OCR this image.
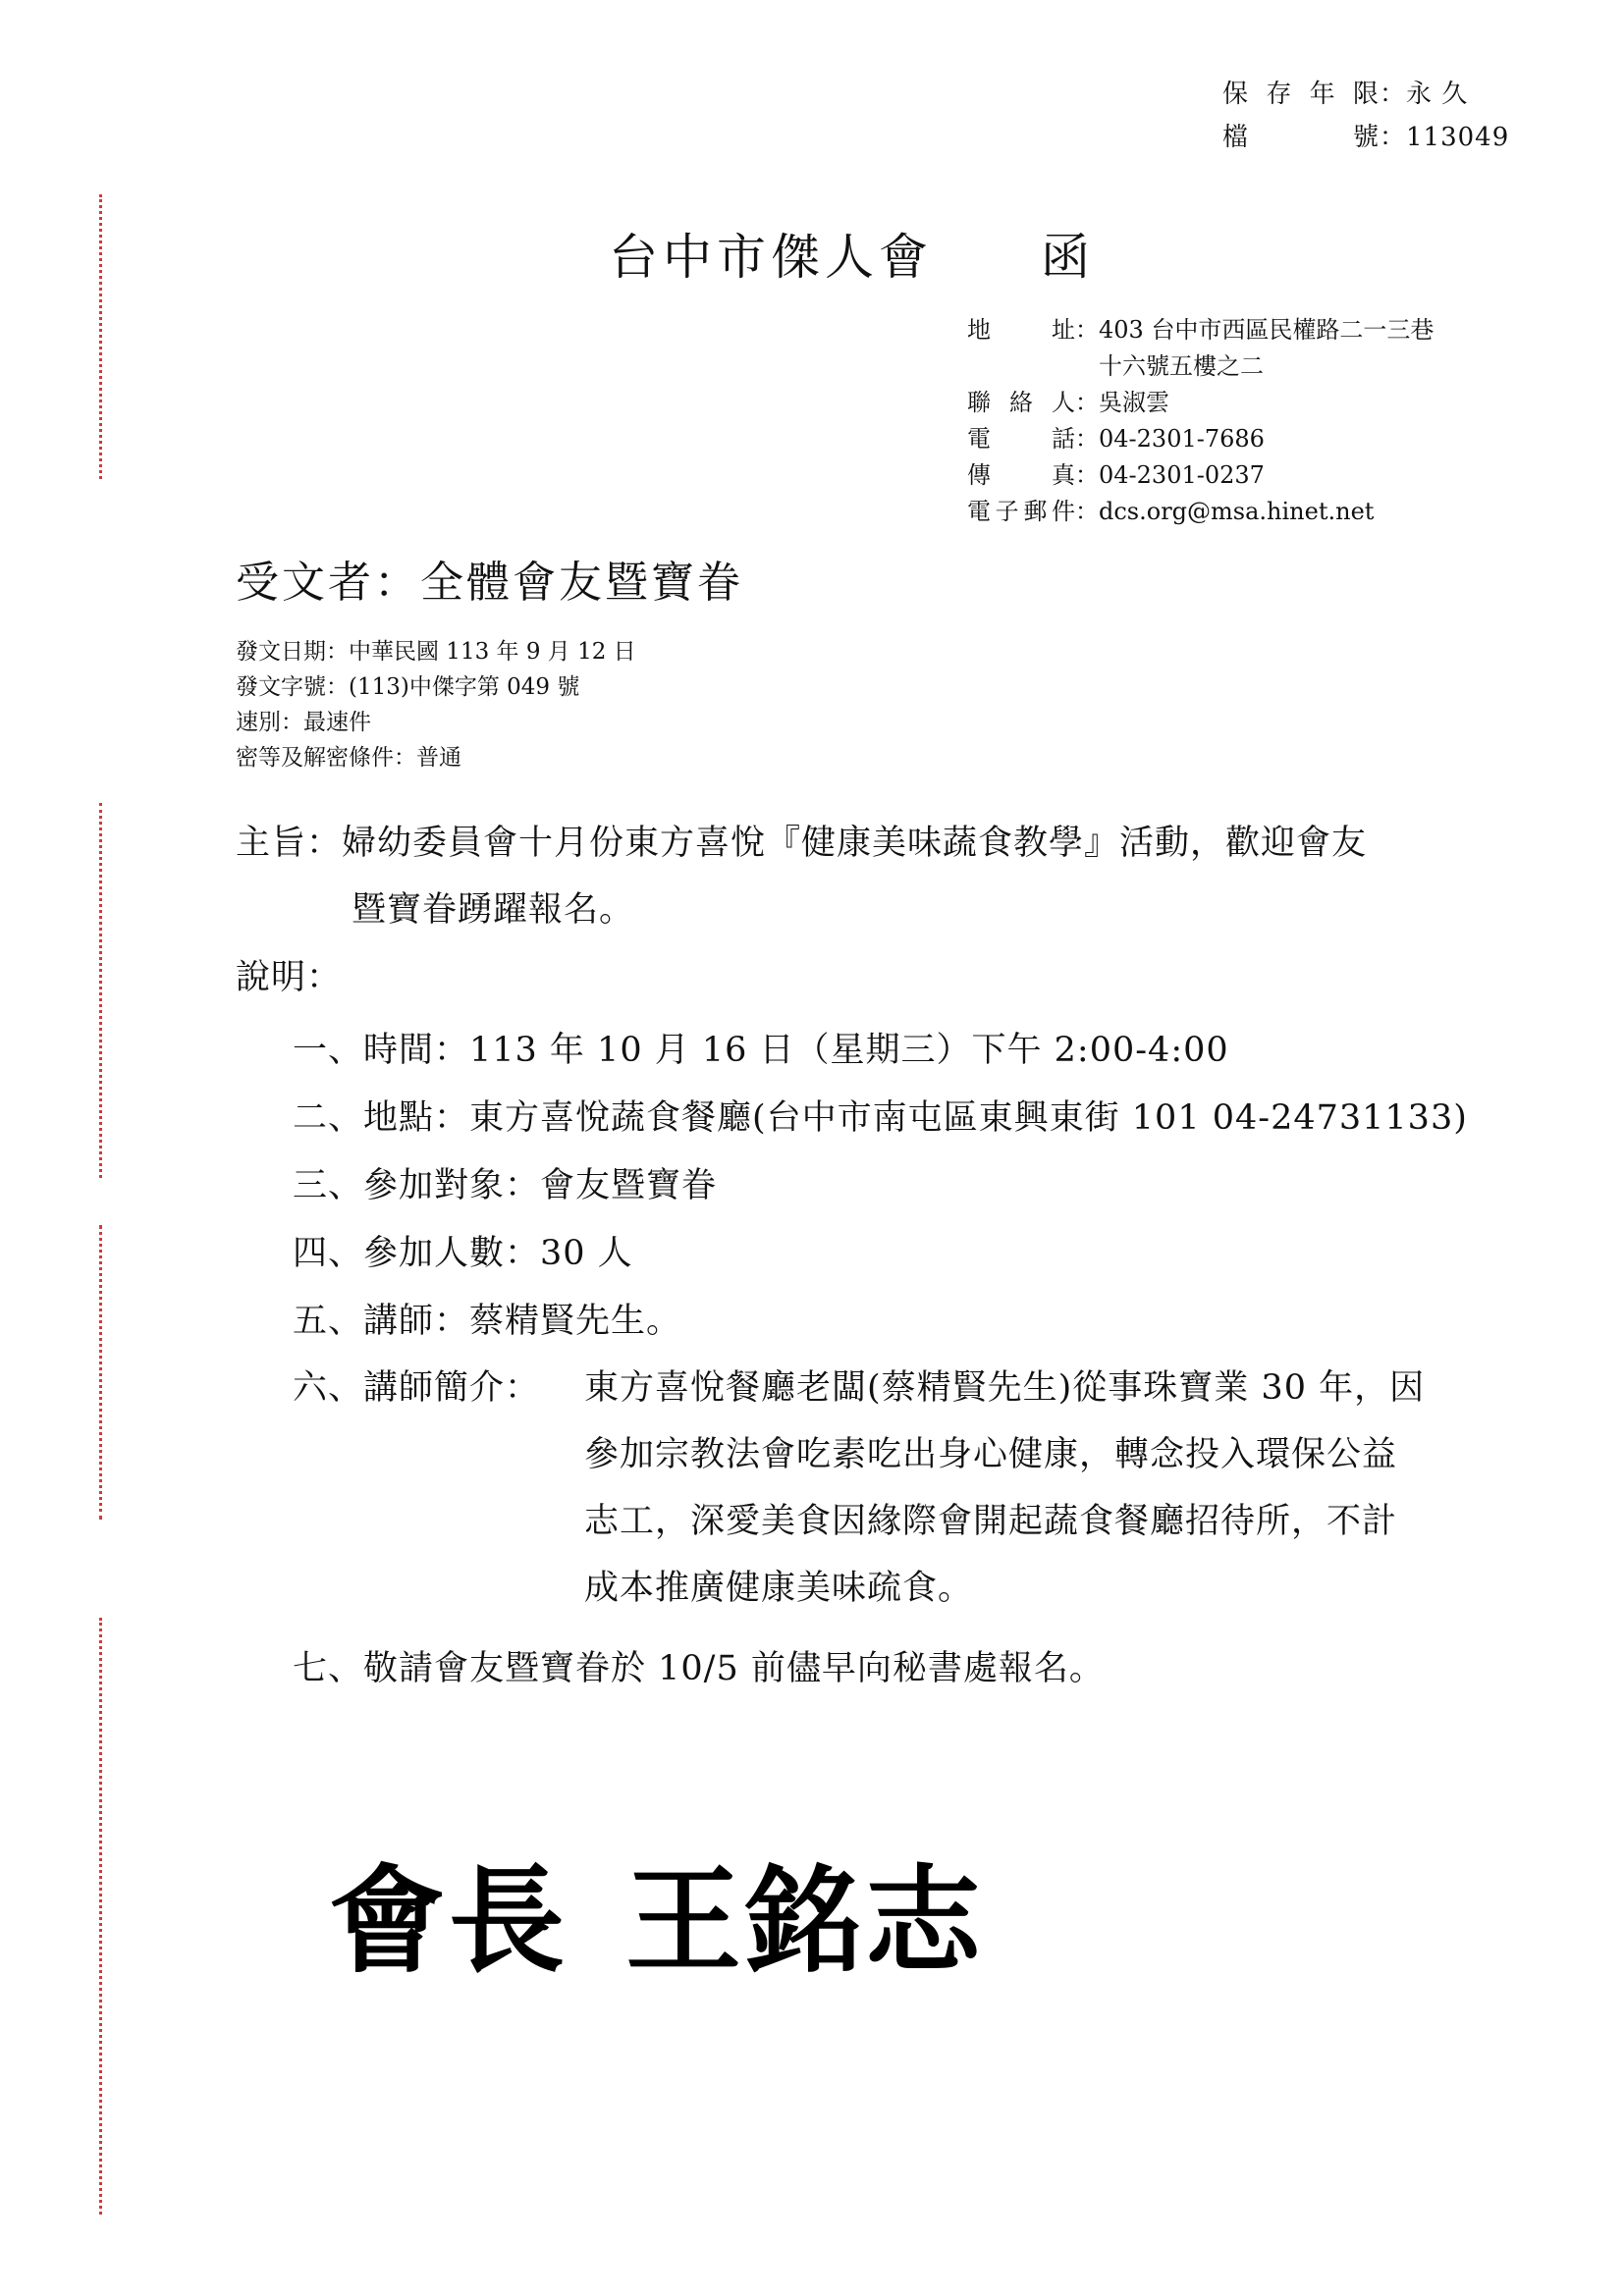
保存年限 ： 永 久
檔 號 ： 113049
台中市傑人會　　函
地 址 ： 403 台中市西區民權路二一三巷
十六號五樓之二
聯絡人 ： 吳淑雲
電 話 ： 04-2301-7686
傳 真 ： 04-2301-0237
電子郵件 ： dcs.org@msa.hinet.net
受文者：全體會友暨寶眷
發文日期：中華民國 113 年 9 月 12 日
發文字號：(113)中傑字第 049 號
速別：最速件
密等及解密條件：普通
主旨：婦幼委員會十月份東方喜悅『健康美味蔬食教學』活動，歡迎會友
暨寶眷踴躍報名。
說明：
一、時間：113 年 10 月 16 日（星期三）下午 2:00-4:00
二、地點：東方喜悅蔬食餐廳(台中市南屯區東興東街 101 04-24731133)
三、參加對象：會友暨寶眷
四、參加人數：30 人
五、講師：蔡精賢先生。
六、講師簡介： 東方喜悅餐廳老闆(蔡精賢先生)從事珠寶業 30 年，因
參加宗教法會吃素吃出身心健康，轉念投入環保公益
志工，深愛美食因緣際會開起蔬食餐廳招待所，不計
成本推廣健康美味疏食。
七、敬請會友暨寶眷於 10/5 前儘早向秘書處報名。
會長 王銘志
